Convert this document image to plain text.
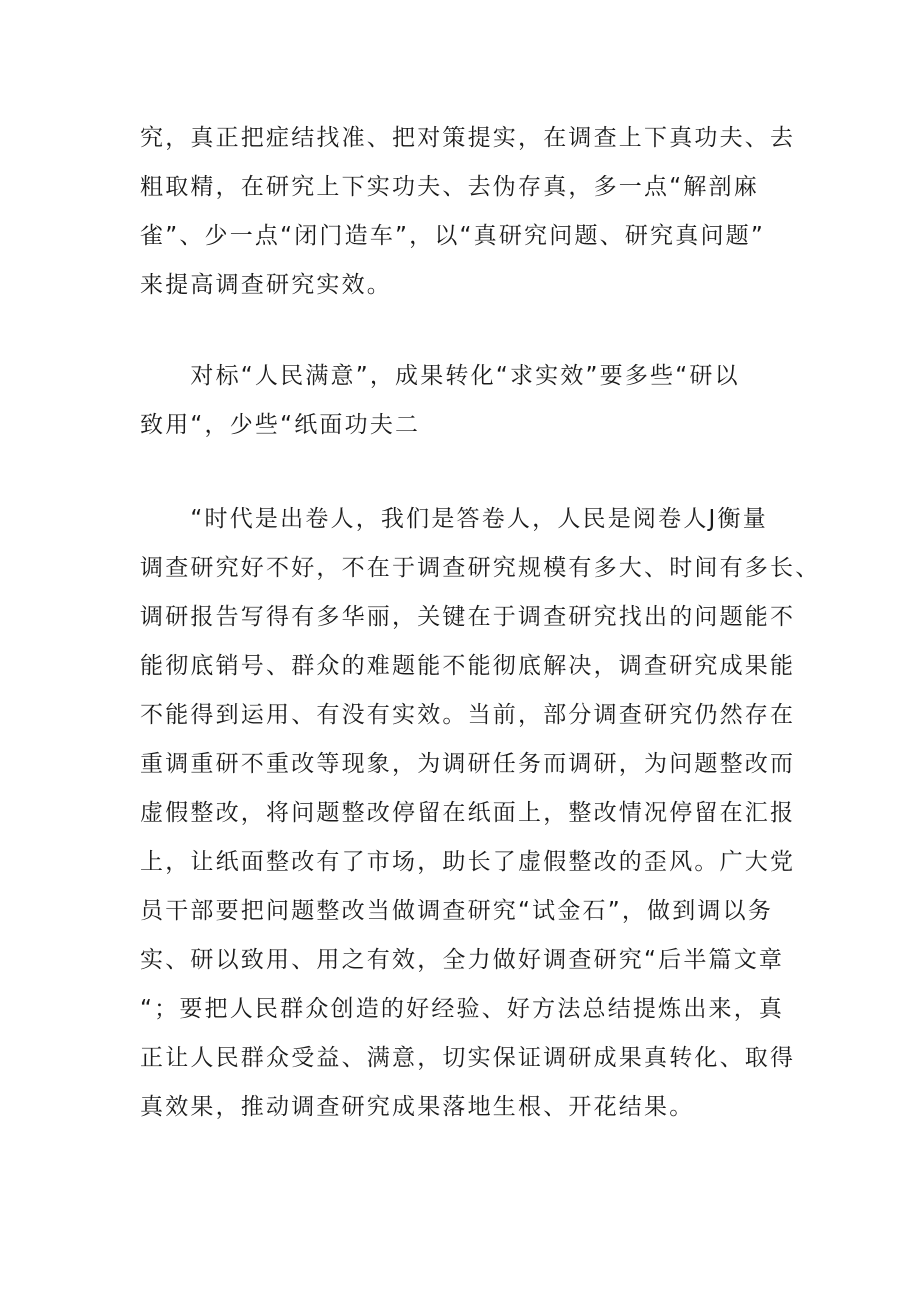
究，真正把症结找准、把对策提实，在调查上下真功夫、去
粗取精，在研究上下实功夫、去伪存真，多一点“解剖麻
雀”、少一点“闭门造车”，以“真研究问题、研究真问题”
来提高调查研究实效。
　　对标“人民满意”，成果转化“求实效”要多些“研以
致用“，少些“纸面功夫二
　　“时代是出卷人，我们是答卷人，人民是阅卷人J衡量
调查研究好不好，不在于调查研究规模有多大、时间有多长、
调研报告写得有多华丽，关键在于调查研究找出的问题能不
能彻底销号、群众的难题能不能彻底解决，调查研究成果能
不能得到运用、有没有实效。当前，部分调查研究仍然存在
重调重研不重改等现象，为调研任务而调研，为问题整改而
虚假整改，将问题整改停留在纸面上，整改情况停留在汇报
上，让纸面整改有了市场，助长了虚假整改的歪风。广大党
员干部要把问题整改当做调查研究“试金石”，做到调以务
实、研以致用、用之有效，全力做好调查研究“后半篇文章
“；要把人民群众创造的好经验、好方法总结提炼出来，真
正让人民群众受益、满意，切实保证调研成果真转化、取得
真效果，推动调查研究成果落地生根、开花结果。
